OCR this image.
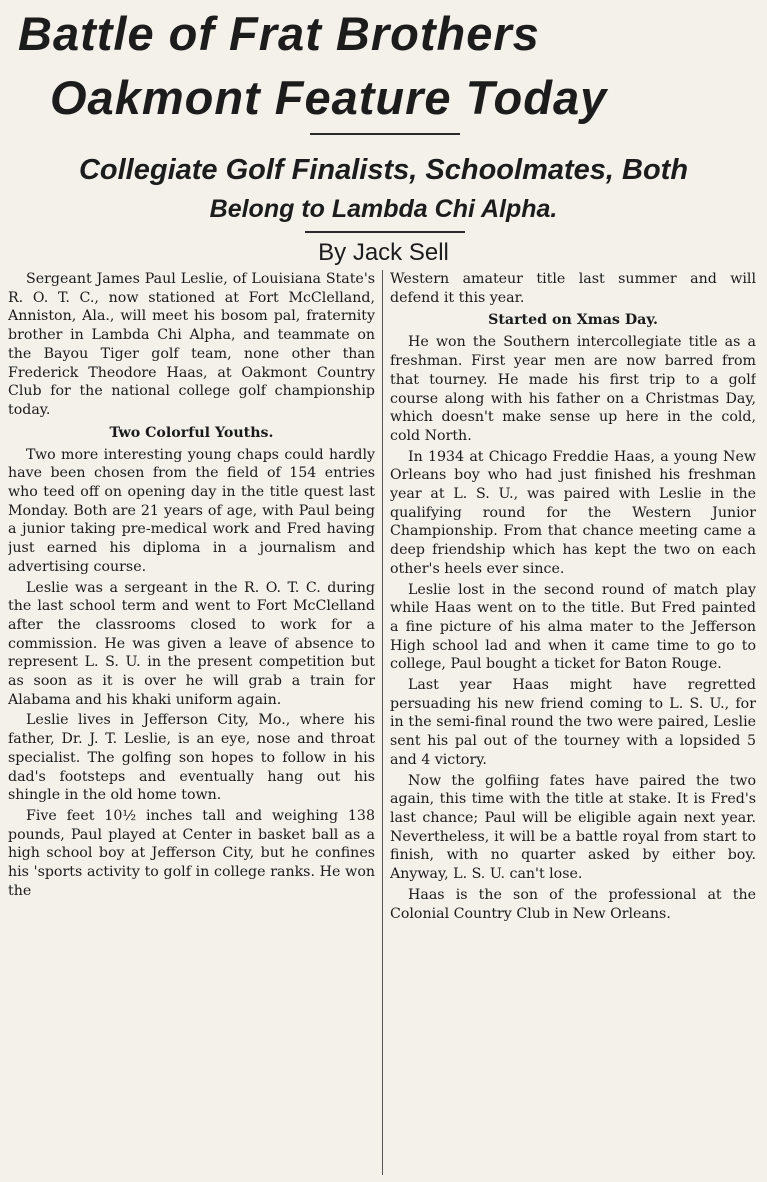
Battle of Frat Brothers
Oakmont Feature Today
Collegiate Golf Finalists, Schoolmates, Both
Belong to Lambda Chi Alpha.
By Jack Sell

Sergeant James Paul Leslie, of Louisiana State's R. O. T. C., now stationed at Fort McClelland, Anniston, Ala., will meet his bosom pal, fraternity brother in Lambda Chi Alpha, and teammate on the Bayou Tiger golf team, none other than Frederick Theodore Haas, at Oakmont Country Club for the national college golf championship today.

Two Colorful Youths.

Two more interesting young chaps could hardly have been chosen from the field of 154 entries who teed off on opening day in the title quest last Monday. Both are 21 years of age, with Paul being a junior taking pre-medical work and Fred having just earned his diploma in a journalism and advertising course.

Leslie was a sergeant in the R. O. T. C. during the last school term and went to Fort McClelland after the classrooms closed to work for a commission. He was given a leave of absence to represent L. S. U. in the present competition but as soon as it is over he will grab a train for Alabama and his khaki uniform again.

Leslie lives in Jefferson City, Mo., where his father, Dr. J. T. Leslie, is an eye, nose and throat specialist. The golfing son hopes to follow in his dad's footsteps and eventually hang out his shingle in the old home town.

Five feet 10½ inches tall and weighing 138 pounds, Paul played at Center in basket ball as a high school boy at Jefferson City, but he confines his 'sports activity to golf in college ranks. He won the

Western amateur title last summer and will defend it this year.

Started on Xmas Day.

He won the Southern intercollegiate title as a freshman. First year men are now barred from that tourney. He made his first trip to a golf course along with his father on a Christmas Day, which doesn't make sense up here in the cold, cold North.

In 1934 at Chicago Freddie Haas, a young New Orleans boy who had just finished his freshman year at L. S. U., was paired with Leslie in the qualifying round for the Western Junior Championship. From that chance meeting came a deep friendship which has kept the two on each other's heels ever since.

Leslie lost in the second round of match play while Haas went on to the title. But Fred painted a fine picture of his alma mater to the Jefferson High school lad and when it came time to go to college, Paul bought a ticket for Baton Rouge.

Last year Haas might have regretted persuading his new friend coming to L. S. U., for in the semi-final round the two were paired, Leslie sent his pal out of the tourney with a lopsided 5 and 4 victory.

Now the golfiing fates have paired the two again, this time with the title at stake. It is Fred's last chance; Paul will be eligible again next year. Nevertheless, it will be a battle royal from start to finish, with no quarter asked by either boy. Anyway, L. S. U. can't lose.

Haas is the son of the professional at the Colonial Country Club in New Orleans.
